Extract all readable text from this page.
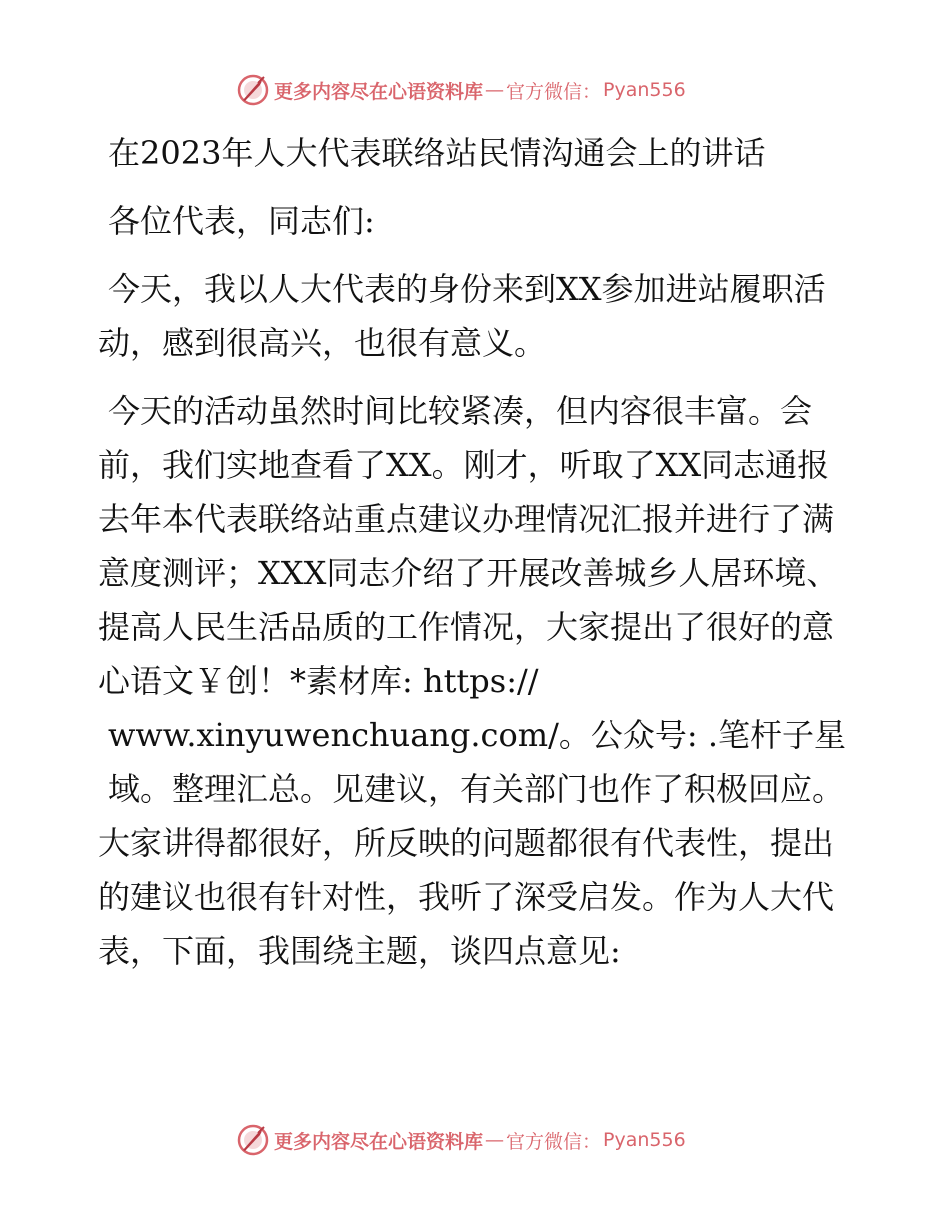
更多内容尽在心语资料库 — 官方微信： Pyan556

在2023年人大代表联络站民情沟通会上的讲话

各位代表，同志们:

今天，我以人大代表的身份来到XX参加进站履职活动，感到很高兴，也很有意义。

今天的活动虽然时间比较紧凑，但内容很丰富。会前，我们实地查看了XX。刚才，听取了XX同志通报去年本代表联络站重点建议办理情况汇报并进行了满意度测评；XXX同志介绍了开展改善城乡人居环境、提高人民生活品质的工作情况，大家提出了很好的意心语文￥创！*素材库: https://

www.xinyuwenchuang.com/。公众号: .笔杆子星

域。整理汇总。见建议，有关部门也作了积极回应。大家讲得都很好，所反映的问题都很有代表性，提出的建议也很有针对性，我听了深受启发。作为人大代表，下面，我围绕主题，谈四点意见:

更多内容尽在心语资料库 — 官方微信： Pyan556
